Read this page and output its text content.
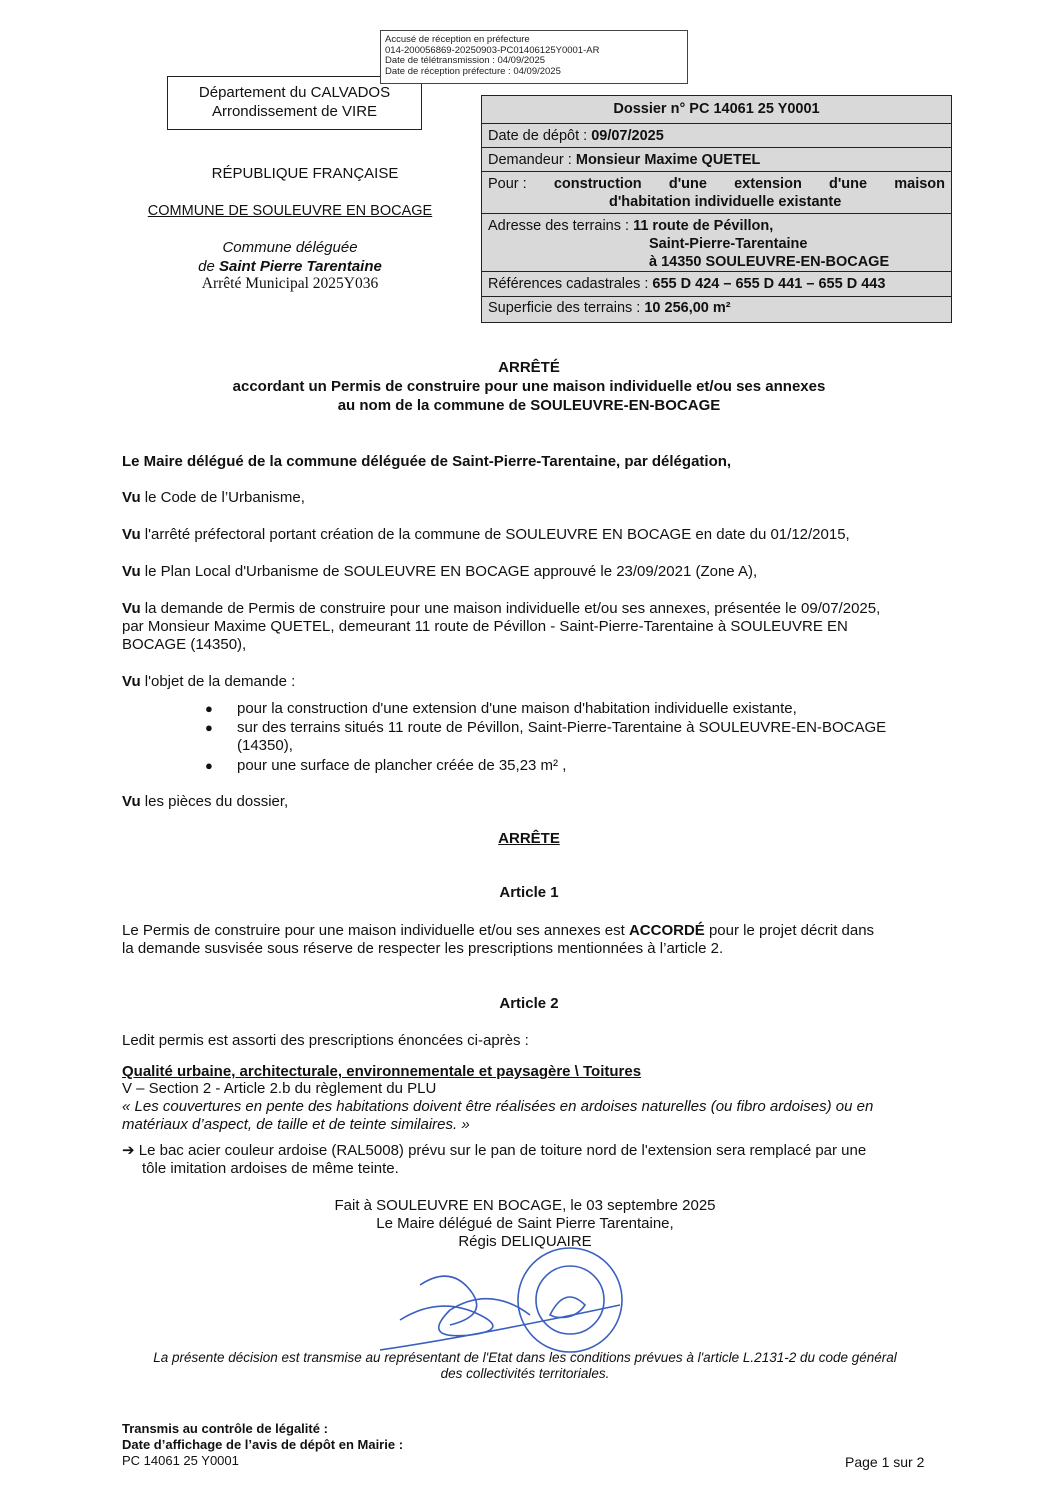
Accusé de réception en préfecture
014-200056869-20250903-PC01406125Y0001-AR
Date de télétransmission : 04/09/2025
Date de réception préfecture : 04/09/2025
Département du CALVADOS
Arrondissement de VIRE
RÉPUBLIQUE FRANÇAISE
COMMUNE DE SOULEUVRE EN BOCAGE
Commune déléguée
de Saint Pierre Tarentaine
Arrêté Municipal 2025Y036
Dossier n° PC 14061 25 Y0001
Date de dépôt : 09/07/2025
Demandeur : Monsieur Maxime QUETEL
Pour : construction d'une extension d'une maison
d'habitation individuelle existante
Adresse des terrains : 11 route de Pévillon,
Saint-Pierre-Tarentaine
à 14350 SOULEUVRE-EN-BOCAGE
Références cadastrales : 655 D 424 – 655 D 441 – 655 D 443
Superficie des terrains : 10 256,00 m²
ARRÊTÉ
accordant un Permis de construire pour une maison individuelle et/ou ses annexes
au nom de la commune de SOULEUVRE-EN-BOCAGE
Le Maire délégué de la commune déléguée de Saint-Pierre-Tarentaine, par délégation,
Vu le Code de l’Urbanisme,
Vu l'arrêté préfectoral portant création de la commune de SOULEUVRE EN BOCAGE en date du 01/12/2015,
Vu le Plan Local d'Urbanisme de SOULEUVRE EN BOCAGE approuvé le 23/09/2021 (Zone A),
Vu la demande de Permis de construire pour une maison individuelle et/ou ses annexes, présentée le 09/07/2025,
par Monsieur Maxime QUETEL, demeurant 11 route de Pévillon - Saint-Pierre-Tarentaine à SOULEUVRE EN
BOCAGE (14350),
Vu l'objet de la demande :
● pour la construction d'une extension d'une maison d'habitation individuelle existante,
● sur des terrains situés 11 route de Pévillon, Saint-Pierre-Tarentaine à SOULEUVRE-EN-BOCAGE
(14350),
● pour une surface de plancher créée de 35,23 m² ,
Vu les pièces du dossier,
ARRÊTE
Article 1
Le Permis de construire pour une maison individuelle et/ou ses annexes est ACCORDÉ pour le projet décrit dans
la demande susvisée sous réserve de respecter les prescriptions mentionnées à l’article 2.
Article 2
Ledit permis est assorti des prescriptions énoncées ci-après :
Qualité urbaine, architecturale, environnementale et paysagère \ Toitures
V – Section 2 - Article 2.b du règlement du PLU
« Les couvertures en pente des habitations doivent être réalisées en ardoises naturelles (ou fibro ardoises) ou en
matériaux d’aspect, de taille et de teinte similaires. »
➔ Le bac acier couleur ardoise (RAL5008) prévu sur le pan de toiture nord de l'extension sera remplacé par une
tôle imitation ardoises de même teinte.
Fait à SOULEUVRE EN BOCAGE, le 03 septembre 2025
Le Maire délégué de Saint Pierre Tarentaine,
Régis DELIQUAIRE
La présente décision est transmise au représentant de l'Etat dans les conditions prévues à l'article L.2131-2 du code général
des collectivités territoriales.
Transmis au contrôle de légalité :
Date d’affichage de l’avis de dépôt en Mairie :
PC 14061 25 Y0001	Page 1 sur 2
